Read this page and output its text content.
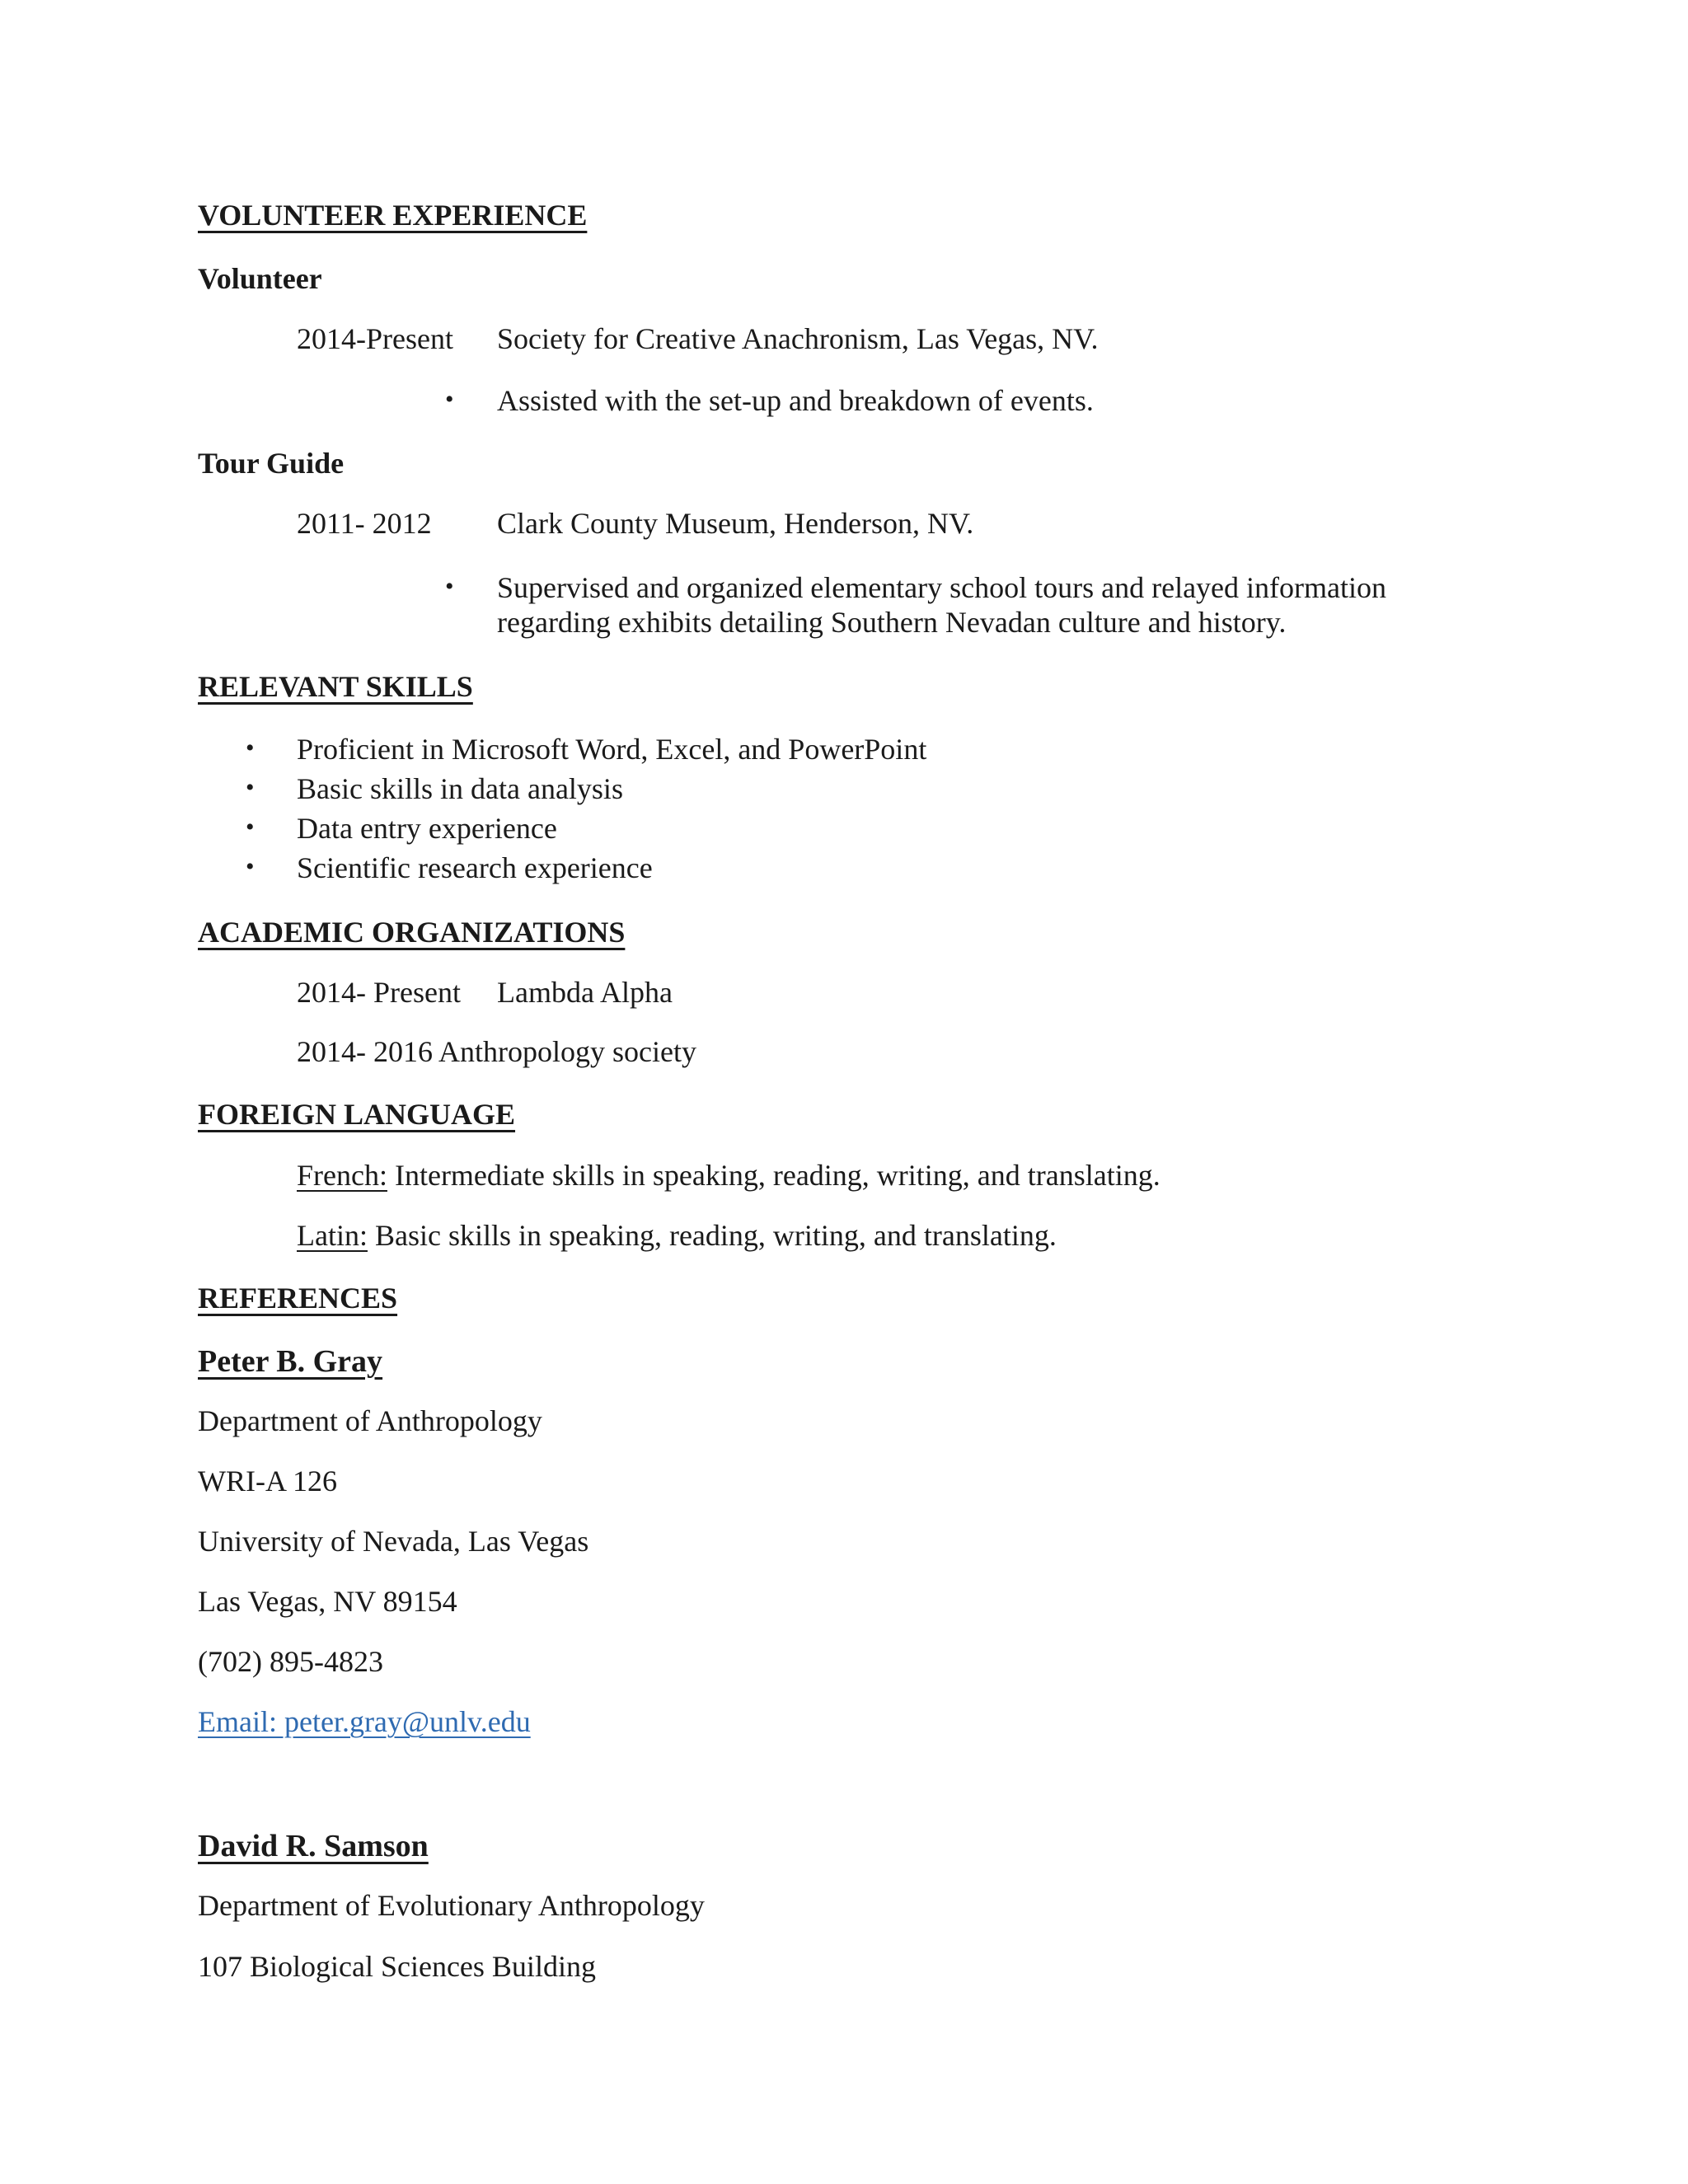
VOLUNTEER EXPERIENCE
Volunteer
2014-Present Society for Creative Anachronism, Las Vegas, NV.
• Assisted with the set-up and breakdown of events.
Tour Guide
2011- 2012 Clark County Museum, Henderson, NV.
• Supervised and organized elementary school tours and relayed information
regarding exhibits detailing Southern Nevadan culture and history.
RELEVANT SKILLS
• Proficient in Microsoft Word, Excel, and PowerPoint
• Basic skills in data analysis
• Data entry experience
• Scientific research experience
ACADEMIC ORGANIZATIONS
2014- Present Lambda Alpha
2014- 2016 Anthropology society
FOREIGN LANGUAGE
French: Intermediate skills in speaking, reading, writing, and translating.
Latin: Basic skills in speaking, reading, writing, and translating.
REFERENCES
Peter B. Gray
Department of Anthropology
WRI-A 126
University of Nevada, Las Vegas
Las Vegas, NV 89154
(702) 895-4823
Email: peter.gray@unlv.edu
David R. Samson
Department of Evolutionary Anthropology
107 Biological Sciences Building
